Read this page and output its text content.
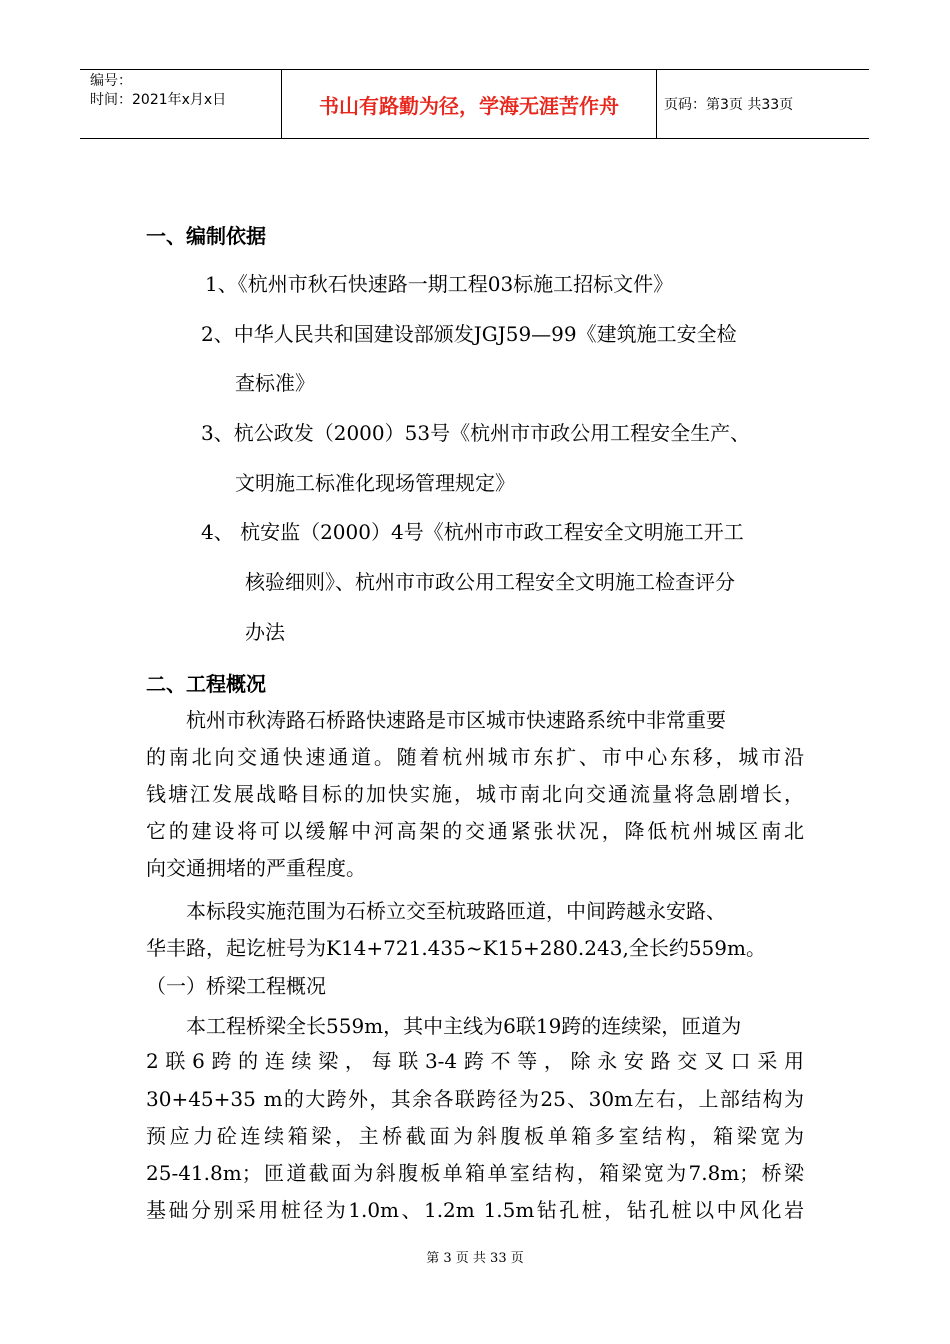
编号：
时间：2021年x月x日	书山有路勤为径，学海无涯苦作舟	页码：第3页 共33页
一、编制依据
1、《杭州市秋石快速路一期工程03标施工招标文件》
2、中华人民共和国建设部颁发JGJ59—99《建筑施工安全检
查标准》
3、杭公政发（2000）53号《杭州市市政公用工程安全生产、
文明施工标准化现场管理规定》
4、 杭安监（2000）4号《杭州市市政工程安全文明施工开工
核验细则》、杭州市市政公用工程安全文明施工检查评分
办法
二、工程概况
杭州市秋涛路石桥路快速路是市区城市快速路系统中非常重要
的南北向交通快速通道。随着杭州城市东扩、市中心东移，城市沿
钱塘江发展战略目标的加快实施，城市南北向交通流量将急剧增长，
它的建设将可以缓解中河高架的交通紧张状况，降低杭州城区南北
向交通拥堵的严重程度。
本标段实施范围为石桥立交至杭玻路匝道，中间跨越永安路、
华丰路，起讫桩号为K14+721.435~K15+280.243,全长约559m。
（一）桥梁工程概况
本工程桥梁全长559m，其中主线为6联19跨的连续梁，匝道为
2联6跨的连续梁，每联3-4跨不等，除永安路交叉口采用
30+45+35 m的大跨外，其余各联跨径为25、30m左右，上部结构为
预应力砼连续箱梁，主桥截面为斜腹板单箱多室结构，箱梁宽为
25-41.8m；匝道截面为斜腹板单箱单室结构，箱梁宽为7.8m；桥梁
基础分别采用桩径为1.0m、1.2m 1.5m钻孔桩，钻孔桩以中风化岩
第 3 页 共 33 页
